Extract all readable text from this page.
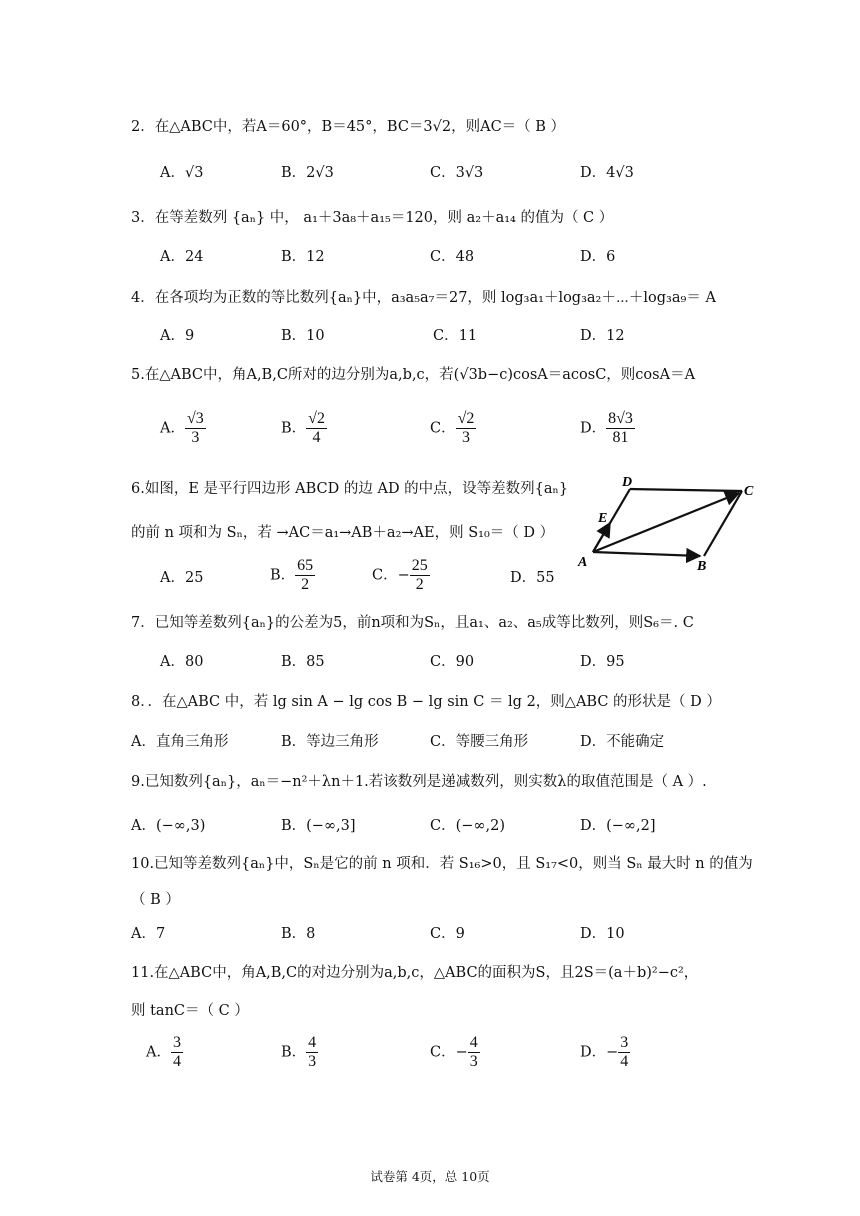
2．在△ABC中，若A＝60°，B＝45°，BC＝3√2，则AC＝（ B ）
A．√3	B．2√3	C．3√3	D．4√3
3．在等差数列 {aₙ} 中， a₁＋3a₈＋a₁₅＝120，则 a₂＋a₁₄ 的值为（ C ）
A．24	B．12	C．48	D．6
4．在各项均为正数的等比数列{aₙ}中，a₃a₅a₇＝27，则 log₃a₁＋log₃a₂＋⋯＋log₃a₉＝ A
A．9	B．10	C．11	D．12
5.在△ABC中，角A,B,C所对的边分别为a,b,c，若(√3b−c)cosA＝acosC，则cosA＝A
A． $\frac{√3}{3}$	B． $\frac{√2}{4}$	C． $\frac{√2}{3}$	D． $\frac{8√3}{81}$
6.如图，E 是平行四边形 ABCD 的边 AD 的中点，设等差数列{aₙ}
的前 n 项和为 Sₙ，若 →AC＝a₁→AB＋a₂→AE，则 S₁₀＝（ D ）
A．25	B． $\frac{65}{2}$	C．− $\frac{25}{2}$	D．55
D
C
E
A	B
7．已知等差数列{aₙ}的公差为5，前n项和为Sₙ，且a₁、a₂、a₅成等比数列，则S₆＝. C
A．80	B．85	C．90	D．95
8．．在△ABC 中，若 lg sin A − lg cos B − lg sin C ＝ lg 2，则△ABC 的形状是（ D ）
A．直角三角形	B．等边三角形	C．等腰三角形	D．不能确定
9.已知数列{aₙ}，aₙ＝−n²＋λn＋1.若该数列是递减数列，则实数λ的取值范围是（ A ）.
A．(−∞,3)	B．(−∞,3]	C．(−∞,2)	D．(−∞,2]
10.已知等差数列{aₙ}中，Sₙ是它的前 n 项和．若 S₁₆>0，且 S₁₇<0，则当 Sₙ 最大时 n 的值为
（ B ）
A．7	B．8	C．9	D．10
11.在△ABC中，角A,B,C的对边分别为a,b,c，△ABC的面积为S，且2S＝(a＋b)²−c²，
则 tanC＝（ C ）
A． $\frac{3}{4}$	B． $\frac{4}{3}$	C．− $\frac{4}{3}$	D．− $\frac{3}{4}$
试卷第 4页，总 10页
